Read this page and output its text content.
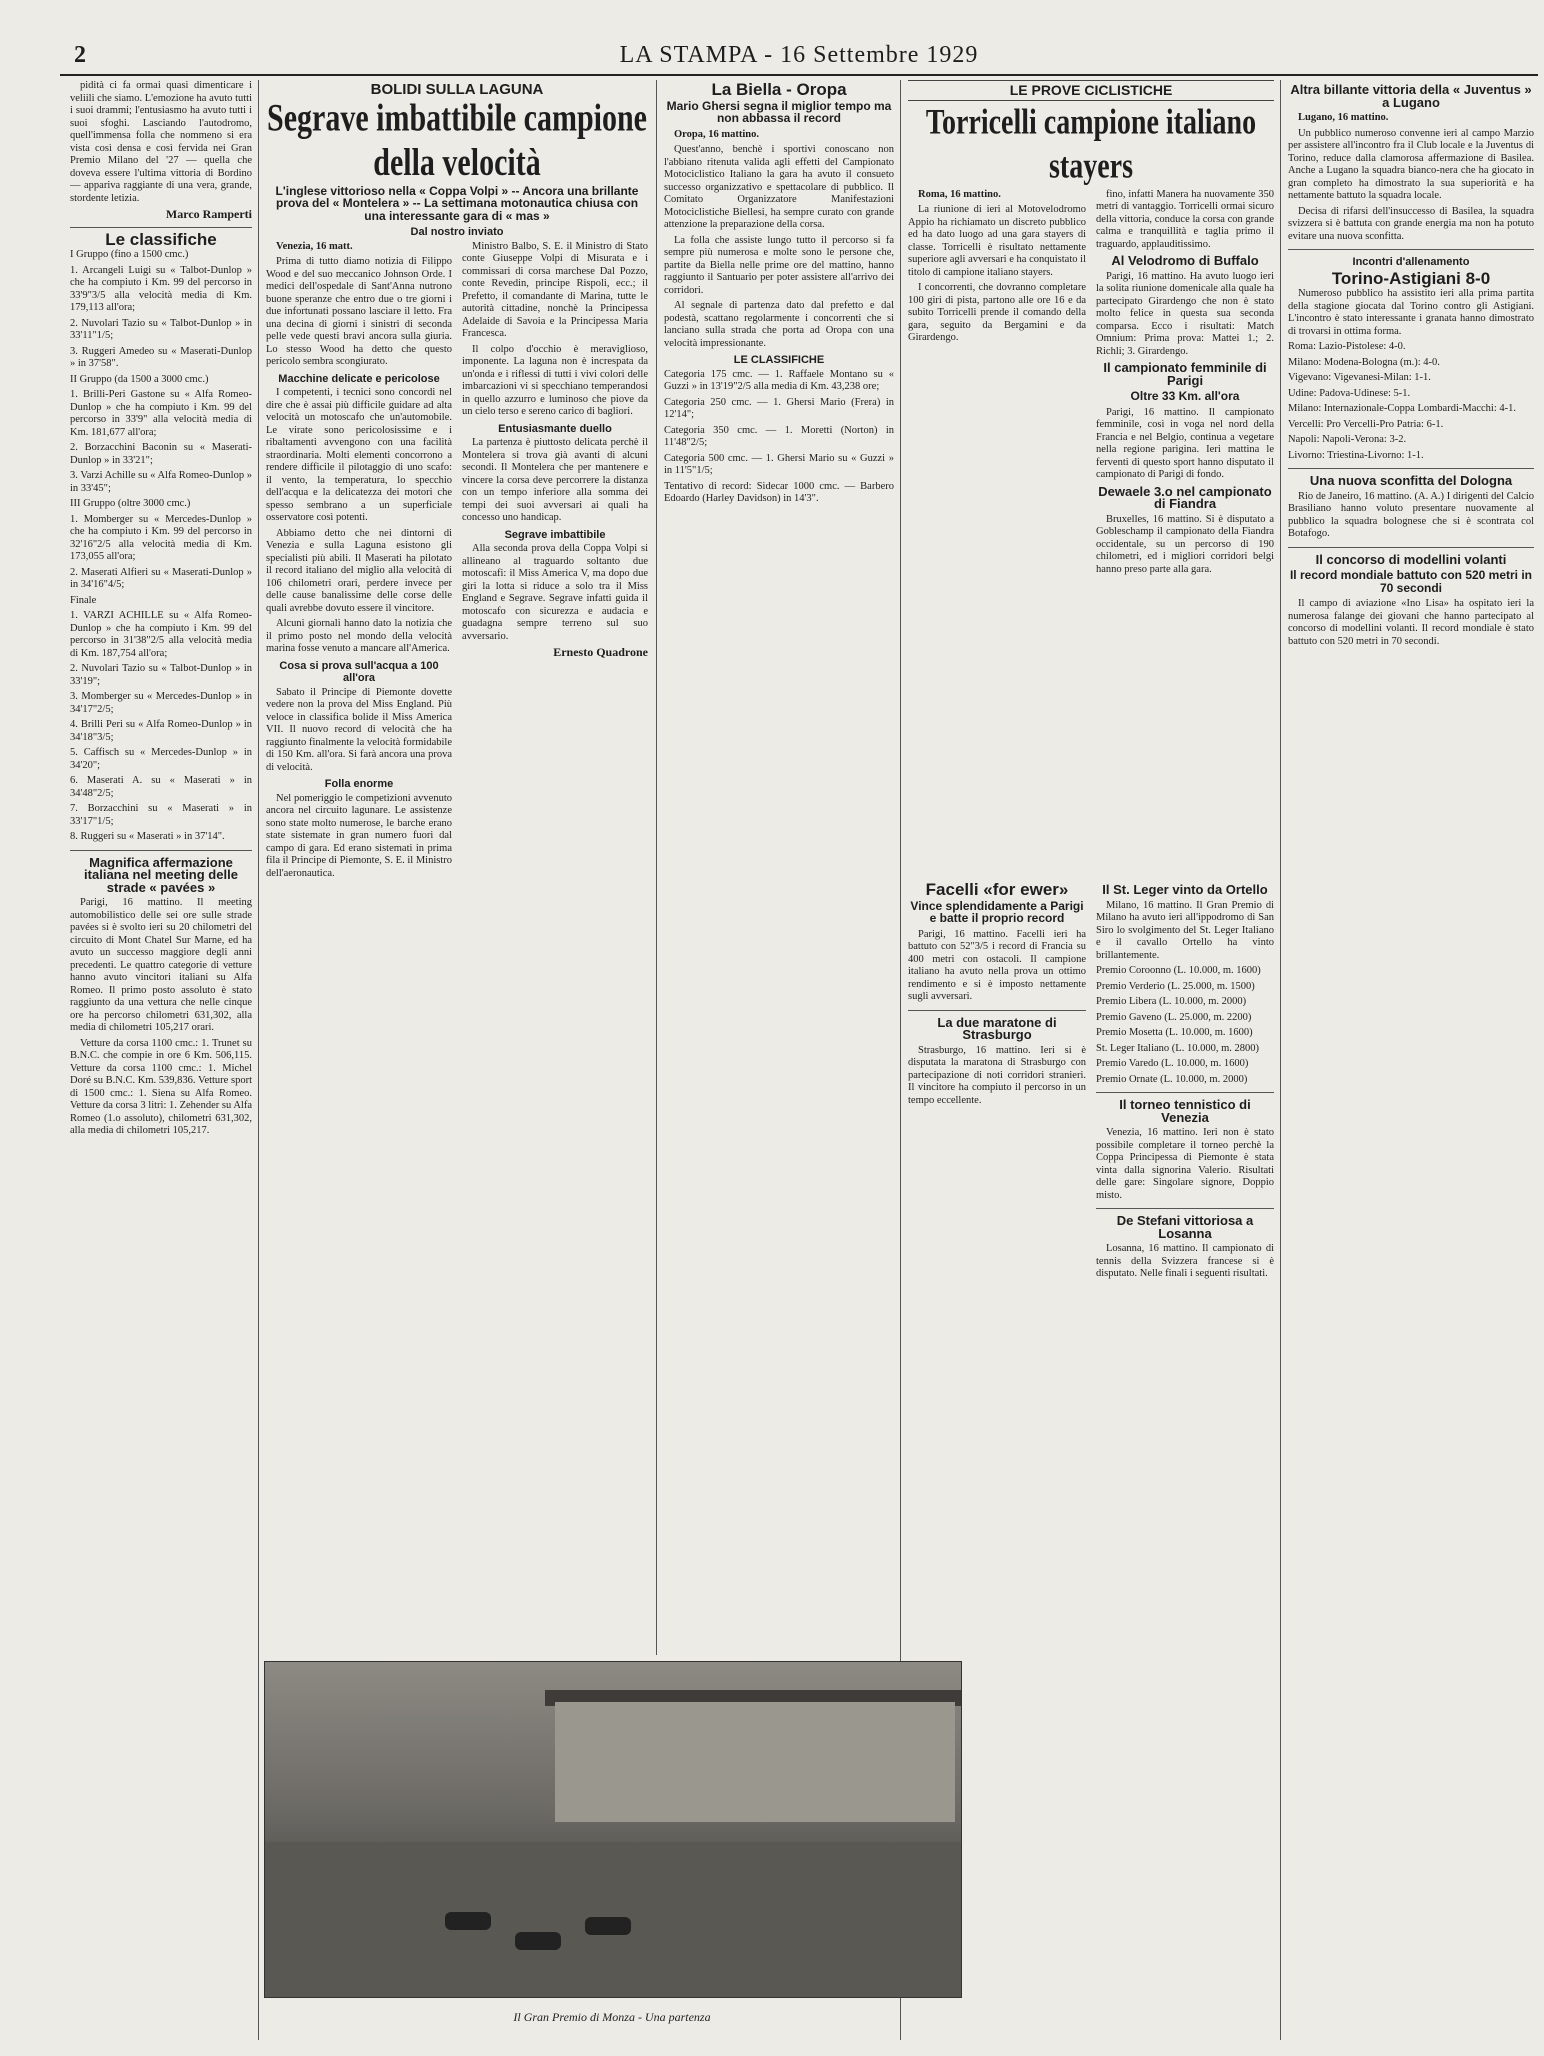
2	LA STAMPA - 16 Settembre 1929

pidità ci fa ormai quasi dimenticare i veliili che siamo. L'emozione ha avuto tutti i suoi drammi; l'entusiasmo ha avuto tutti i suoi sfoghi. Lasciando l'autodromo, quell'immensa folla che nommeno si era vista così densa e così fervida nei Gran Premio Milano del '27 — quella che doveva essere l'ultima vittoria di Bordino — appariva raggiante di una vera, grande, stordente letizia.

Marco Ramperti
Le classifiche

I Gruppo (fino a 1500 cmc.)

1. Arcangeli Luigi su « Talbot-Dunlop » che ha compiuto i Km. 99 del percorso in 33'9"3/5 alla velocità media di Km. 179,113 all'ora;

2. Nuvolari Tazio su « Talbot-Dunlop » in 33'11"1/5;

3. Ruggeri Amedeo su « Maserati-Dunlop » in 37'58".

II Gruppo (da 1500 a 3000 cmc.)

1. Brilli-Peri Gastone su « Alfa Romeo-Dunlop » che ha compiuto i Km. 99 del percorso in 33'9" alla velocità media di Km. 181,677 all'ora;

2. Borzacchini Baconin su « Maserati-Dunlop » in 33'21";

3. Varzi Achille su « Alfa Romeo-Dunlop » in 33'45";

III Gruppo (oltre 3000 cmc.)

1. Momberger su « Mercedes-Dunlop » che ha compiuto i Km. 99 del percorso in 32'16"2/5 alla velocità media di Km. 173,055 all'ora;

2. Maserati Alfieri su « Maserati-Dunlop » in 34'16"4/5;

Finale

1. VARZI ACHILLE su « Alfa Romeo-Dunlop » che ha compiuto i Km. 99 del percorso in 31'38"2/5 alla velocità media di Km. 187,754 all'ora;

2. Nuvolari Tazio su « Talbot-Dunlop » in 33'19";

3. Momberger su « Mercedes-Dunlop » in 34'17"2/5;

4. Brilli Peri su « Alfa Romeo-Dunlop » in 34'18"3/5;

5. Caffisch su « Mercedes-Dunlop » in 34'20";

6. Maserati A. su « Maserati » in 34'48"2/5;

7. Borzacchini su « Maserati » in 33'17"1/5;

8. Ruggeri su « Maserati » in 37'14".

Magnifica affermazione italiana nel meeting delle strade « pavées »

Parigi, 16 mattino. Il meeting automobilistico delle sei ore sulle strade pavées si è svolto ieri su 20 chilometri del circuito di Mont Chatel Sur Marne, ed ha avuto un successo maggiore degli anni precedenti. Le quattro categorie di vetture hanno avuto vincitori italiani su Alfa Romeo. Il primo posto assoluto è stato raggiunto da una vettura che nelle cinque ore ha percorso chilometri 631,302, alla media di chilometri 105,217 orari.

Vetture da corsa 1100 cmc.: 1. Trunet su B.N.C. che compie in ore 6 Km. 506,115. Vetture da corsa 1100 cmc.: 1. Michel Doré su B.N.C. Km. 539,836. Vetture sport di 1500 cmc.: 1. Siena su Alfa Romeo. Vetture da corsa 3 litri: 1. Zehender su Alfa Romeo (1.o assoluto), chilometri 631,302, alla media di chilometri 105,217.

BOLIDI SULLA LAGUNA
Segrave imbattibile campione della velocità
L'inglese vittorioso nella « Coppa Volpi » -- Ancora una brillante prova del « Montelera » -- La settimana motonautica chiusa con una interessante gara di « mas »
Dal nostro inviato

Venezia, 16 matt.

Prima di tutto diamo notizia di Filippo Wood e del suo meccanico Johnson Orde. I medici dell'ospedale di Sant'Anna nutrono buone speranze che entro due o tre giorni i due infortunati possano lasciare il letto. Fra una decina di giorni i sinistri di seconda pelle vede questi bravi ancora sulla giuria. Lo stesso Wood ha detto che questo pericolo sembra scongiurato.

Macchine delicate e pericolose

I competenti, i tecnici sono concordi nel dire che è assai più difficile guidare ad alta velocità un motoscafo che un'automobile. Le virate sono pericolosissime e i ribaltamenti avvengono con una facilità straordinaria. Molti elementi concorrono a rendere difficile il pilotaggio di uno scafo: il vento, la temperatura, lo specchio dell'acqua e la delicatezza dei motori che spesso sembrano a un superficiale osservatore così potenti.

Abbiamo detto che nei dintorni di Venezia e sulla Laguna esistono gli specialisti più abili. Il Maserati ha pilotato il record italiano del miglio alla velocità di 106 chilometri orari, perdere invece per delle cause banalissime delle corse delle quali avrebbe dovuto essere il vincitore.

Alcuni giornali hanno dato la notizia che il primo posto nel mondo della velocità marina fosse venuto a mancare all'America.

Cosa si prova sull'acqua a 100 all'ora

Sabato il Principe di Piemonte dovette vedere non la prova del Miss England. Più veloce in classifica bolide il Miss America VII. Il nuovo record di velocità che ha raggiunto finalmente la velocità formidabile di 150 Km. all'ora. Si farà ancora una prova di velocità.

Folla enorme

Nel pomeriggio le competizioni avvenuto ancora nel circuito lagunare. Le assistenze sono state molto numerose, le barche erano state sistemate in gran numero fuori dal campo di gara. Ed erano sistemati in prima fila il Principe di Piemonte, S. E. il Ministro dell'aeronautica.

Ministro Balbo, S. E. il Ministro di Stato conte Giuseppe Volpi di Misurata e i commissari di corsa marchese Dal Pozzo, conte Revedin, principe Rispoli, ecc.; il Prefetto, il comandante di Marina, tutte le autorità cittadine, nonchè la Principessa Adelaide di Savoia e la Principessa Maria Francesca.

Il colpo d'occhio è meraviglioso, imponente. La laguna non è increspata da un'onda e i riflessi di tutti i vivi colori delle imbarcazioni vi si specchiano temperandosi in quello azzurro e luminoso che piove da un cielo terso e sereno carico di bagliori.

Entusiasmante duello

La partenza è piuttosto delicata perchè il Montelera si trova già avanti di alcuni secondi. Il Montelera che per mantenere e vincere la corsa deve percorrere la distanza con un tempo inferiore alla somma dei tempi dei suoi avversari ai quali ha concesso uno handicap.

Segrave imbattibile

Alla seconda prova della Coppa Volpi si allineano al traguardo soltanto due motoscafi: il Miss America V, ma dopo due giri la lotta si riduce a solo tra il Miss England e Segrave. Segrave infatti guida il motoscafo con sicurezza e audacia e guadagna sempre terreno sul suo avversario.

Ernesto Quadrone
La Biella - Oropa
Mario Ghersi segna il miglior tempo ma non abbassa il record

Oropa, 16 mattino.

Quest'anno, benchè i sportivi conoscano non l'abbiano ritenuta valida agli effetti del Campionato Motociclistico Italiano la gara ha avuto il consueto successo organizzativo e spettacolare di pubblico. Il Comitato Organizzatore Manifestazioni Motociclistiche Biellesi, ha sempre curato con grande attenzione la preparazione della corsa.

La folla che assiste lungo tutto il percorso si fa sempre più numerosa e molte sono le persone che, partite da Biella nelle prime ore del mattino, hanno raggiunto il Santuario per poter assistere all'arrivo dei corridori.

Al segnale di partenza dato dal prefetto e dal podestà, scattano regolarmente i concorrenti che si lanciano sulla strada che porta ad Oropa con una velocità impressionante.

LE CLASSIFICHE

Categoria 175 cmc. — 1. Raffaele Montano su « Guzzi » in 13'19"2/5 alla media di Km. 43,238 ore;

Categoria 250 cmc. — 1. Ghersi Mario (Frera) in 12'14";

Categoria 350 cmc. — 1. Moretti (Norton) in 11'48"2/5;

Categoria 500 cmc. — 1. Ghersi Mario su « Guzzi » in 11'5"1/5;

Tentativo di record: Sidecar 1000 cmc. — Barbero Edoardo (Harley Davidson) in 14'3".

LE PROVE CICLISTICHE
Torricelli campione italiano stayers

Roma, 16 mattino.

La riunione di ieri al Motovelodromo Appio ha richiamato un discreto pubblico ed ha dato luogo ad una gara stayers di classe. Torricelli è risultato nettamente superiore agli avversari e ha conquistato il titolo di campione italiano stayers.

I concorrenti, che dovranno completare 100 giri di pista, partono alle ore 16 e da subito Torricelli prende il comando della gara, seguito da Bergamini e da Girardengo.

fino, infatti Manera ha nuovamente 350 metri di vantaggio. Torricelli ormai sicuro della vittoria, conduce la corsa con grande calma e tranquillità e taglia primo il traguardo, applauditissimo.

Al Velodromo di Buffalo

Parigi, 16 mattino. Ha avuto luogo ieri la solita riunione domenicale alla quale ha partecipato Girardengo che non è stato molto felice in questa sua seconda comparsa. Ecco i risultati: Match Omnium: Prima prova: Mattei 1.; 2. Richli; 3. Girardengo.

Il campionato femminile di Parigi
Oltre 33 Km. all'ora

Parigi, 16 mattino. Il campionato femminile, così in voga nel nord della Francia e nel Belgio, continua a vegetare nella regione parigina. Ieri mattina le ferventi di questo sport hanno disputato il campionato di Parigi di fondo.

Dewaele 3.o nel campionato di Fiandra

Bruxelles, 16 mattino. Si è disputato a Gobleschamp il campionato della Fiandra occidentale, su un percorso di 190 chilometri, ed i migliori corridori belgi hanno preso parte alla gara.

Facelli «for ewer»
Vince splendidamente a Parigi e batte il proprio record

Parigi, 16 mattino. Facelli ieri ha battuto con 52"3/5 i record di Francia su 400 metri con ostacoli. Il campione italiano ha avuto nella prova un ottimo rendimento e si è imposto nettamente sugli avversari.

La due maratone di Strasburgo

Strasburgo, 16 mattino. Ieri si è disputata la maratona di Strasburgo con partecipazione di noti corridori stranieri. Il vincitore ha compiuto il percorso in un tempo eccellente.

Il St. Leger vinto da Ortello

Milano, 16 mattino. Il Gran Premio di Milano ha avuto ieri all'ippodromo di San Siro lo svolgimento del St. Leger Italiano e il cavallo Ortello ha vinto brillantemente.

Premio Coroonno (L. 10.000, m. 1600)

Premio Verderio (L. 25.000, m. 1500)

Premio Libera (L. 10.000, m. 2000)

Premio Gaveno (L. 25.000, m. 2200)

Premio Mosetta (L. 10.000, m. 1600)

St. Leger Italiano (L. 10.000, m. 2800)

Premio Varedo (L. 10.000, m. 1600)

Premio Ornate (L. 10.000, m. 2000)

Il torneo tennistico di Venezia

Venezia, 16 mattino. Ieri non è stato possibile completare il torneo perchè la Coppa Principessa di Piemonte è stata vinta dalla signorina Valerio. Risultati delle gare: Singolare signore, Doppio misto.

De Stefani vittoriosa a Losanna

Losanna, 16 mattino. Il campionato di tennis della Svizzera francese si è disputato. Nelle finali i seguenti risultati.

Altra billante vittoria della « Juventus » a Lugano

Lugano, 16 mattino.

Un pubblico numeroso convenne ieri al campo Marzio per assistere all'incontro fra il Club locale e la Juventus di Torino, reduce dalla clamorosa affermazione di Basilea. Anche a Lugano la squadra bianco-nera che ha giocato in gran completo ha dimostrato la sua superiorità e ha nettamente battuto la squadra locale.

Decisa di rifarsi dell'insuccesso di Basilea, la squadra svizzera si è battuta con grande energia ma non ha potuto evitare una nuova sconfitta.

Incontri d'allenamento
Torino-Astigiani 8-0

Numeroso pubblico ha assistito ieri alla prima partita della stagione giocata dal Torino contro gli Astigiani. L'incontro è stato interessante i granata hanno dimostrato di trovarsi in ottima forma.

Roma: Lazio-Pistolese: 4-0.

Milano: Modena-Bologna (m.): 4-0.

Vigevano: Vigevanesi-Milan: 1-1.

Udine: Padova-Udinese: 5-1.

Milano: Internazionale-Coppa Lombardi-Macchi: 4-1.

Vercelli: Pro Vercelli-Pro Patria: 6-1.

Napoli: Napoli-Verona: 3-2.

Livorno: Triestina-Livorno: 1-1.

Una nuova sconfitta del Dologna

Rio de Janeiro, 16 mattino. (A. A.) I dirigenti del Calcio Brasiliano hanno voluto presentare nuovamente al pubblico la squadra bolognese che si è scontrata col Botafogo.

Il concorso di modellini volanti
Il record mondiale battuto con 520 metri in 70 secondi

Il campo di aviazione «Ino Lisa» ha ospitato ieri la numerosa falange dei giovani che hanno partecipato al concorso di modellini volanti. Il record mondiale è stato battuto con 520 metri in 70 secondi.

Il Gran Premio di Monza - Una partenza
